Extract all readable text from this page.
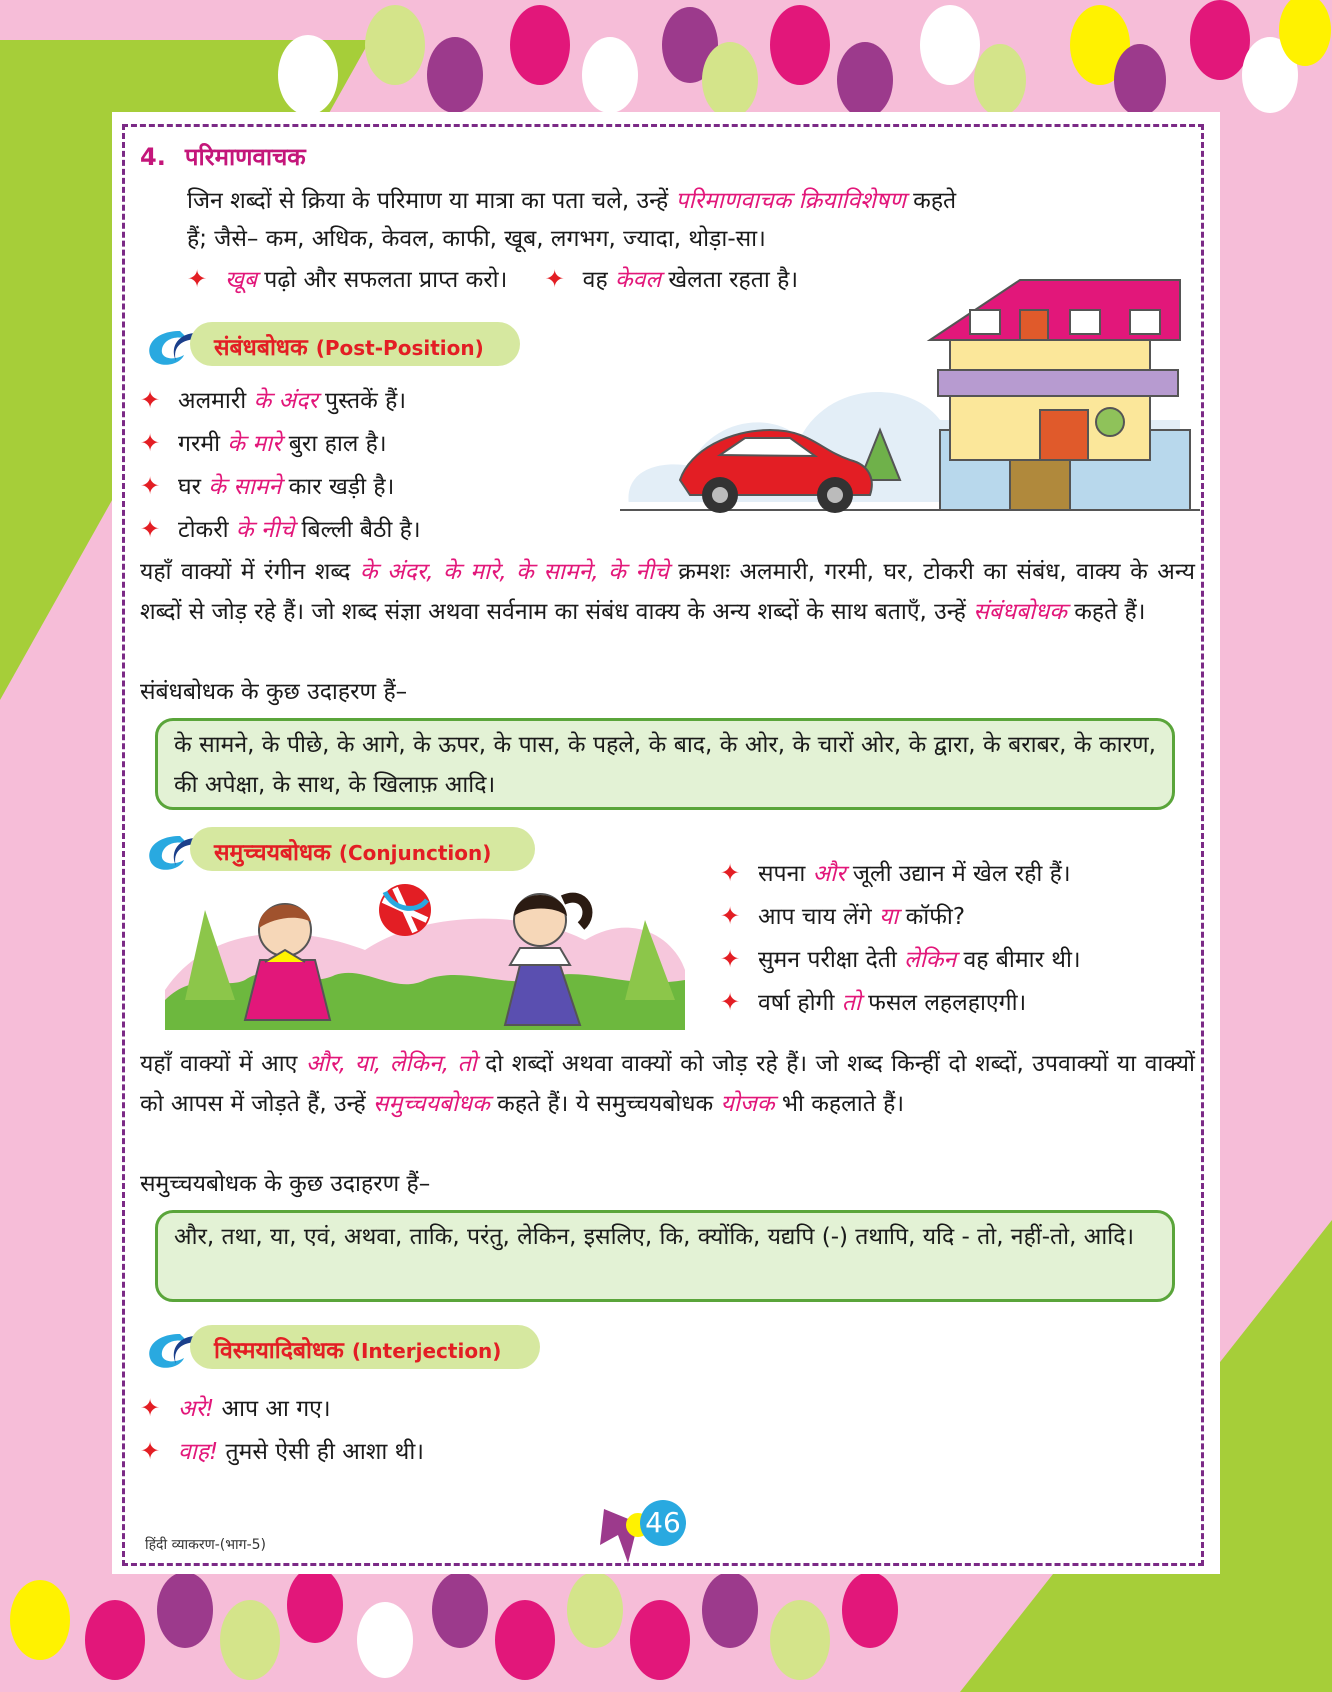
4. परिमाणवाचक
जिन शब्दों से क्रिया के परिमाण या मात्रा का पता चले, उन्हें परिमाणवाचक क्रियाविशेषण कहते
हैं; जैसे– कम, अधिक, केवल, काफी, खूब, लगभग, ज्यादा, थोड़ा-सा।
✦ खूब पढ़ो और सफलता प्राप्त करो। ✦ वह केवल खेलता रहता है।
संबंधबोधक (Post-Position)
✦ अलमारी के अंदर पुस्तकें हैं।
✦ गरमी के मारे बुरा हाल है।
✦ घर के सामने कार खड़ी है।
✦ टोकरी के नीचे बिल्ली बैठी है।
यहाँ वाक्यों में रंगीन शब्द के अंदर, के मारे, के सामने, के नीचे क्रमशः अलमारी, गरमी, घर, टोकरी का संबंध, वाक्य के अन्य शब्दों से जोड़ रहे हैं। जो शब्द संज्ञा अथवा सर्वनाम का संबंध वाक्य के अन्य शब्दों के साथ बताएँ, उन्हें संबंधबोधक कहते हैं।
संबंधबोधक के कुछ उदाहरण हैं–
के सामने, के पीछे, के आगे, के ऊपर, के पास, के पहले, के बाद, के ओर, के चारों ओर, के द्वारा, के बराबर, के कारण, की अपेक्षा, के साथ, के खिलाफ़ आदि।
समुच्चयबोधक (Conjunction)
✦ सपना और जूली उद्यान में खेल रही हैं।
✦ आप चाय लेंगे या कॉफी?
✦ सुमन परीक्षा देती लेकिन वह बीमार थी।
✦ वर्षा होगी तो फसल लहलहाएगी।
यहाँ वाक्यों में आए और, या, लेकिन, तो दो शब्दों अथवा वाक्यों को जोड़ रहे हैं। जो शब्द किन्हीं दो शब्दों, उपवाक्यों या वाक्यों को आपस में जोड़ते हैं, उन्हें समुच्चयबोधक कहते हैं। ये समुच्चयबोधक योजक भी कहलाते हैं।
समुच्चयबोधक के कुछ उदाहरण हैं–
और, तथा, या, एवं, अथवा, ताकि, परंतु, लेकिन, इसलिए, कि, क्योंकि, यद्यपि (-) तथापि, यदि - तो, नहीं-तो, आदि।
विस्मयादिबोधक (Interjection)
✦ अरे! आप आ गए।
✦ वाह! तुमसे ऐसी ही आशा थी।
46
हिंदी व्याकरण-(भाग-5)
